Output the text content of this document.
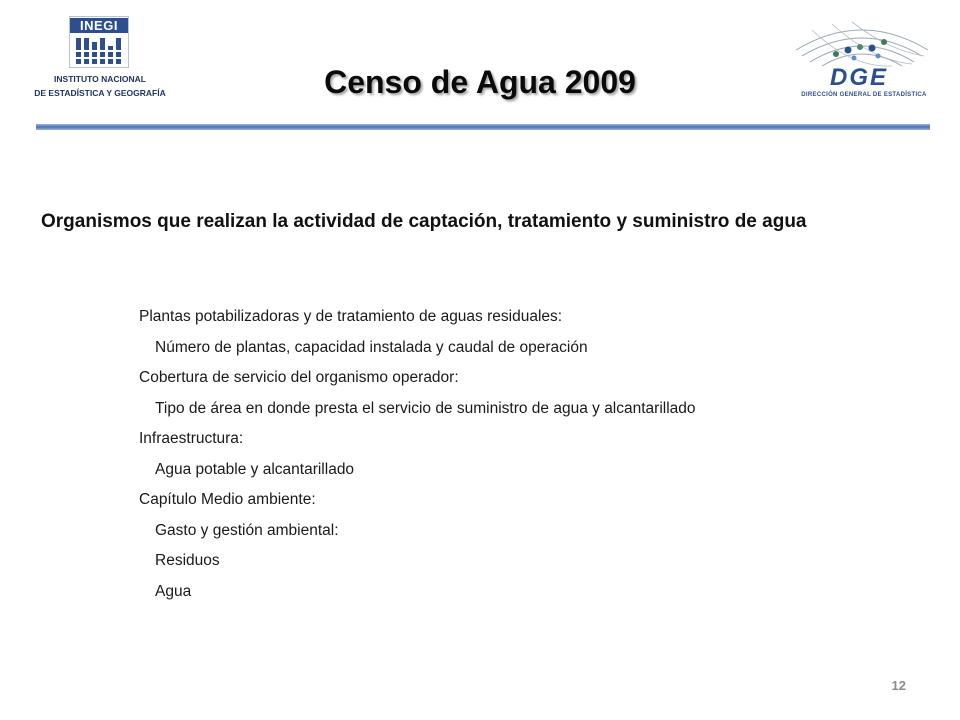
INEGI
INSTITUTO NACIONAL
DE ESTADÍSTICA Y GEOGRAFÍA	Censo de Agua 2009	DGE
DIRECCIÓN GENERAL DE ESTADÍSTICA
Organismos que realizan la actividad de captación, tratamiento y suministro de agua
Plantas potabilizadoras y de tratamiento de aguas residuales:
Número de plantas, capacidad instalada y caudal de operación
Cobertura de servicio del organismo operador:
Tipo de área en donde presta el servicio de suministro de agua y alcantarillado
Infraestructura:
Agua potable y alcantarillado
Capítulo Medio ambiente:
Gasto y gestión ambiental:
Residuos
Agua
12
